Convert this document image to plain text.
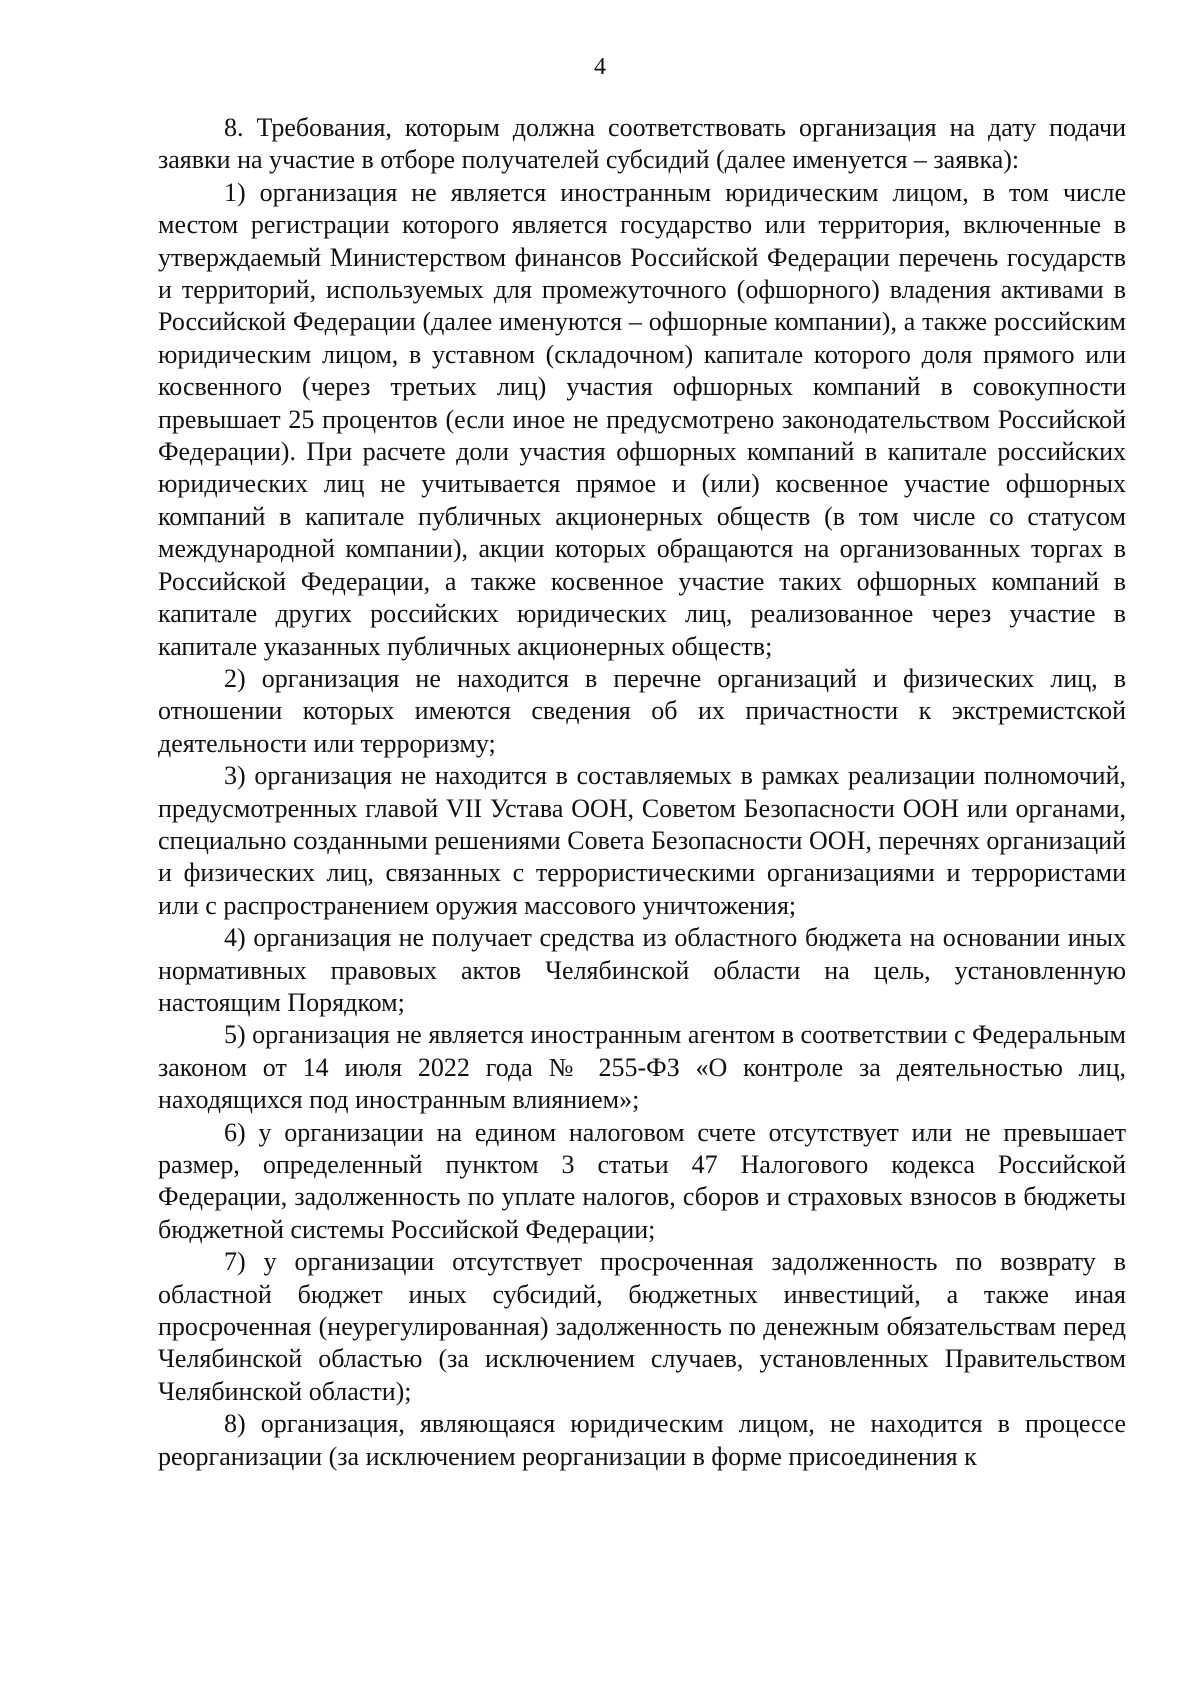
4

8. Требования, которым должна соответствовать организация на дату подачи заявки на участие в отборе получателей субсидий (далее именуется – заявка):

1) организация не является иностранным юридическим лицом, в том числе местом регистрации которого является государство или территория, включенные в утверждаемый Министерством финансов Российской Федерации перечень государств и территорий, используемых для промежуточного (офшорного) владения активами в Российской Федерации (далее именуются – офшорные компании), а также российским юридическим лицом, в уставном (складочном) капитале которого доля прямого или косвенного (через третьих лиц) участия офшорных компаний в совокупности превышает 25 процентов (если иное не предусмотрено законодательством Российской Федерации). При расчете доли участия офшорных компаний в капитале российских юридических лиц не учитывается прямое и (или) косвенное участие офшорных компаний в капитале публичных акционерных обществ (в том числе со статусом международной компании), акции которых обращаются на организованных торгах в Российской Федерации, а также косвенное участие таких офшорных компаний в капитале других российских юридических лиц, реализованное через участие в капитале указанных публичных акционерных обществ;

2) организация не находится в перечне организаций и физических лиц, в отношении которых имеются сведения об их причастности к экстремистской деятельности или терроризму;

3) организация не находится в составляемых в рамках реализации полномочий, предусмотренных главой VII Устава ООН, Советом Безопасности ООН или органами, специально созданными решениями Совета Безопасности ООН, перечнях организаций и физических лиц, связанных с террористическими организациями и террористами или с распространением оружия массового уничтожения;

4) организация не получает средства из областного бюджета на основании иных нормативных правовых актов Челябинской области на цель, установленную настоящим Порядком;

5) организация не является иностранным агентом в соответствии с Федеральным законом от 14 июля 2022 года № 255-ФЗ «О контроле за деятельностью лиц, находящихся под иностранным влиянием»;

6) у организации на едином налоговом счете отсутствует или не превышает размер, определенный пунктом 3 статьи 47 Налогового кодекса Российской Федерации, задолженность по уплате налогов, сборов и страховых взносов в бюджеты бюджетной системы Российской Федерации;

7) у организации отсутствует просроченная задолженность по возврату в областной бюджет иных субсидий, бюджетных инвестиций, а также иная просроченная (неурегулированная) задолженность по денежным обязательствам перед Челябинской областью (за исключением случаев, установленных Правительством Челябинской области);

8) организация, являющаяся юридическим лицом, не находится в процессе реорганизации (за исключением реорганизации в форме присоединения к
